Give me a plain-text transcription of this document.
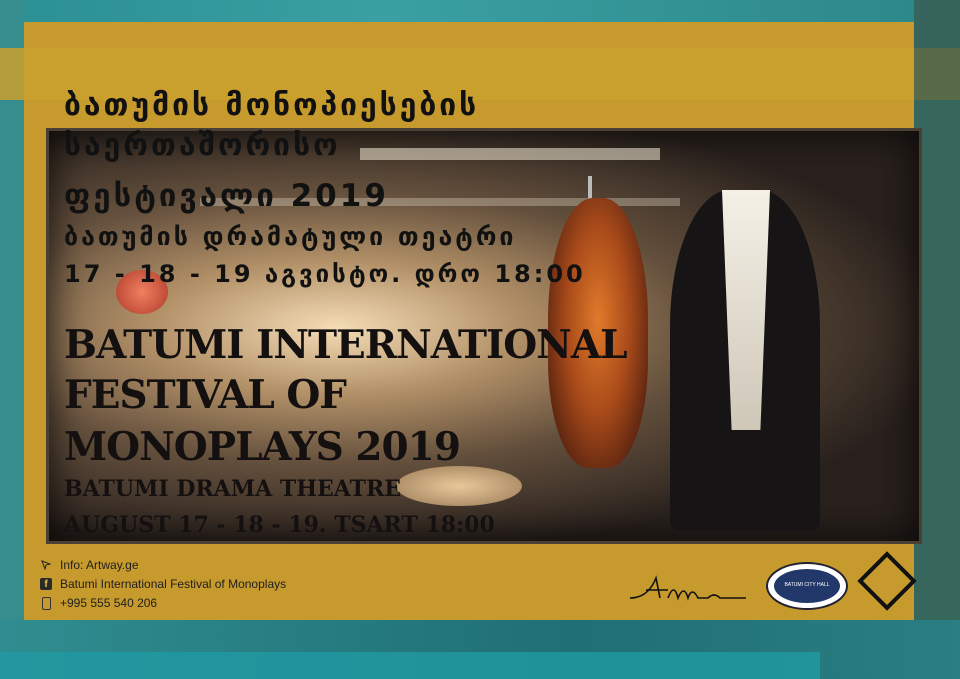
ბათუმის მონოპიესების
საერთაშორისო
ფესტივალი 2019
ბათუმის დრამატული თეატრი
17 - 18 - 19 აგვისტო. დრო 18:00
BATUMI INTERNATIONAL
FESTIVAL OF
MONOPLAYS 2019
BATUMI DRAMA THEATRE
AUGUST 17 - 18 - 19. TSART 18:00
Info: Artway.ge
f	Batumi International Festival of Monoplays
+995 555 540 206
BATUMI CITY HALL
